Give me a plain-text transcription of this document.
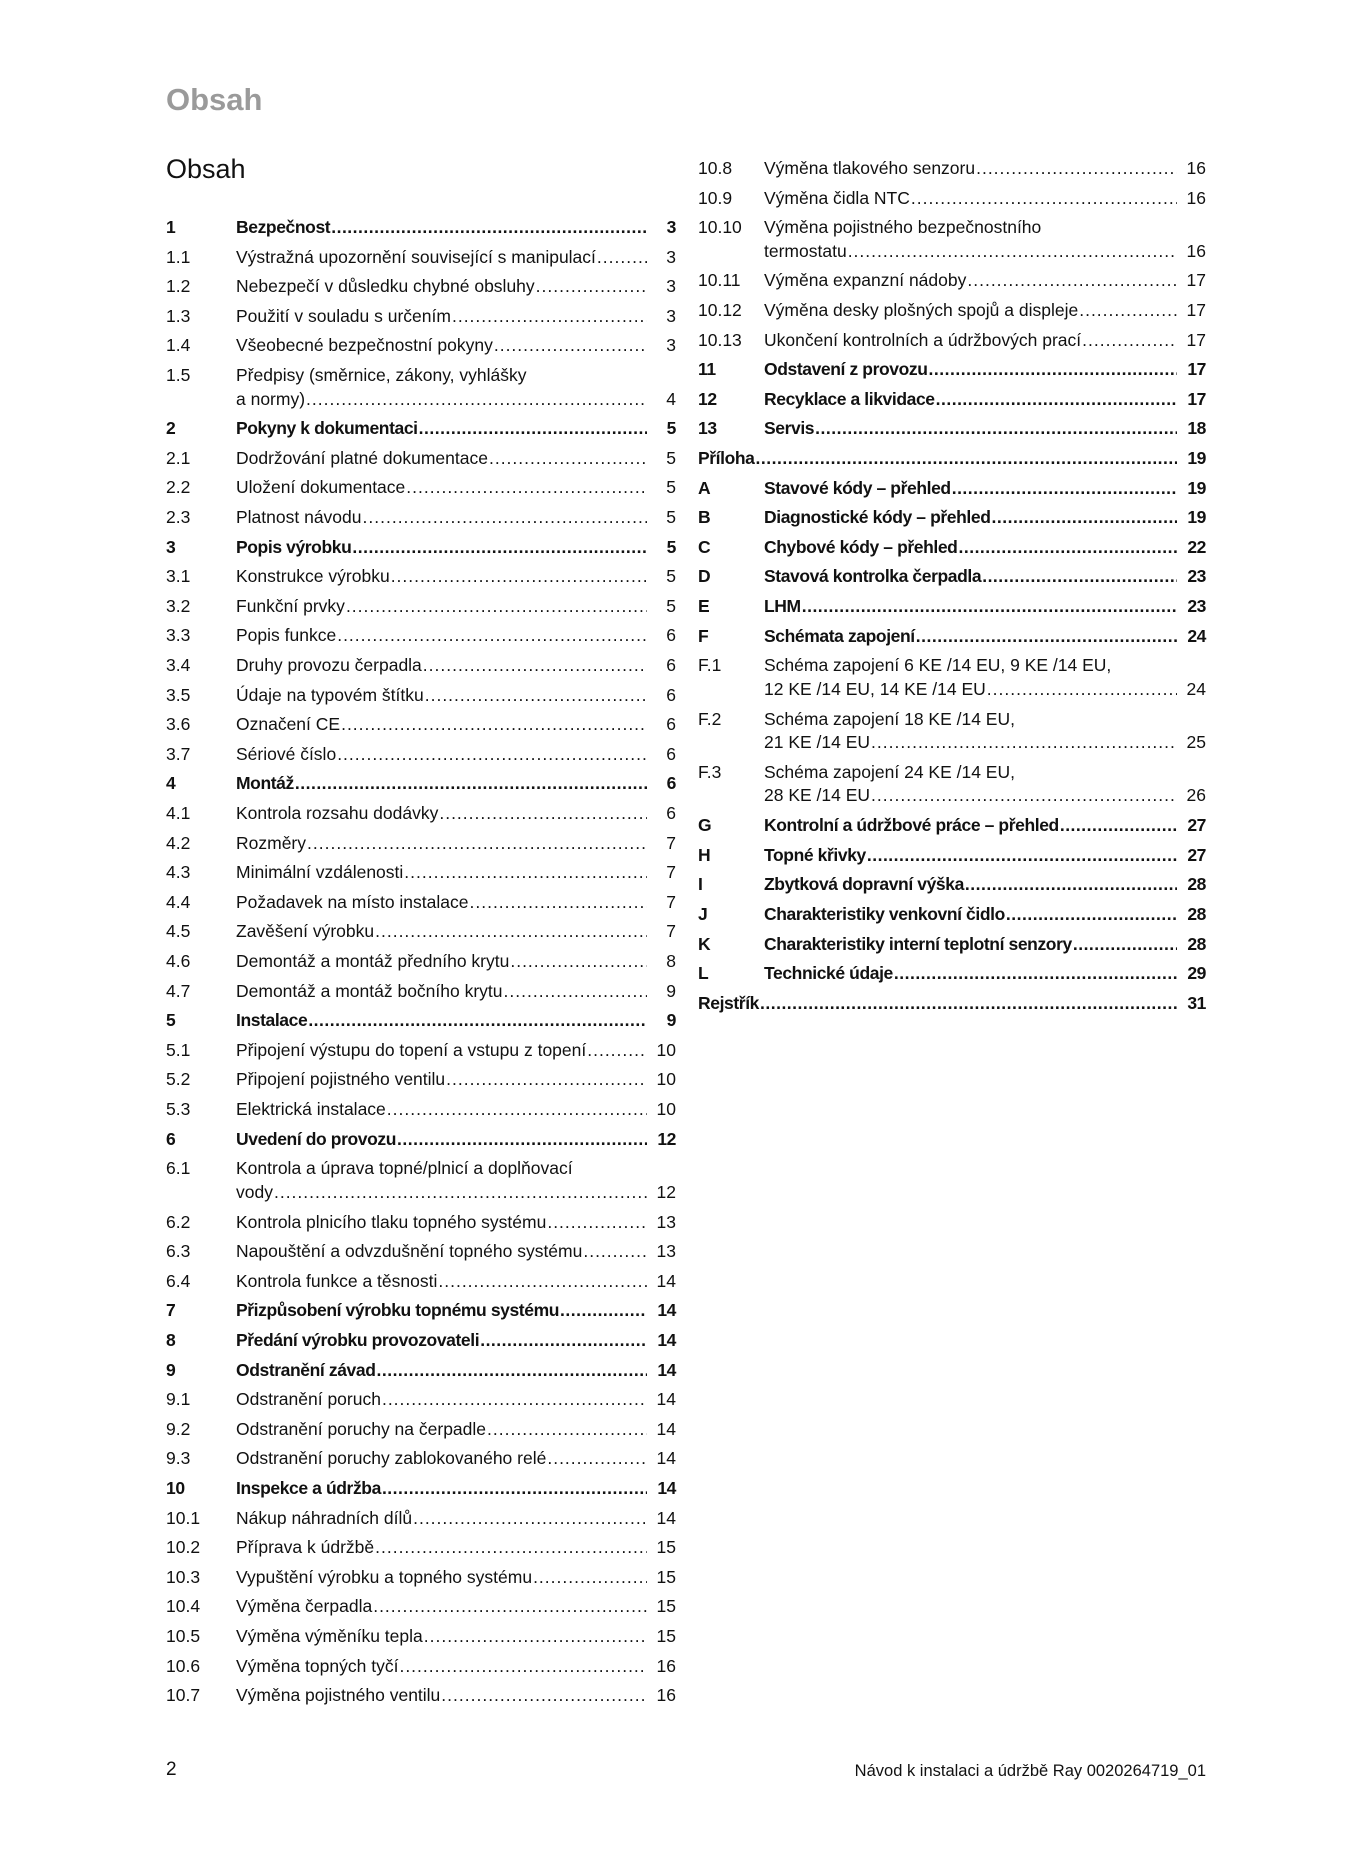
Obsah
Obsah
1	Bezpečnost .....	3
1.1	Výstražná upozornění související s manipulací .....	3
1.2	Nebezpečí v důsledku chybné obsluhy .....	3
1.3	Použití v souladu s určením .....	3
1.4	Všeobecné bezpečnostní pokyny .....	3
1.5	Předpisy (směrnice, zákony, vyhlášky
a normy) .....	4
2	Pokyny k dokumentaci .....	5
2.1	Dodržování platné dokumentace .....	5
2.2	Uložení dokumentace .....	5
2.3	Platnost návodu .....	5
3	Popis výrobku .....	5
3.1	Konstrukce výrobku .....	5
3.2	Funkční prvky .....	5
3.3	Popis funkce .....	6
3.4	Druhy provozu čerpadla .....	6
3.5	Údaje na typovém štítku .....	6
3.6	Označení CE .....	6
3.7	Sériové číslo .....	6
4	Montáž .....	6
4.1	Kontrola rozsahu dodávky .....	6
4.2	Rozměry .....	7
4.3	Minimální vzdálenosti .....	7
4.4	Požadavek na místo instalace .....	7
4.5	Zavěšení výrobku .....	7
4.6	Demontáž a montáž předního krytu .....	8
4.7	Demontáž a montáž bočního krytu .....	9
5	Instalace .....	9
5.1	Připojení výstupu do topení a vstupu z topení .....	10
5.2	Připojení pojistného ventilu .....	10
5.3	Elektrická instalace .....	10
6	Uvedení do provozu .....	12
6.1	Kontrola a úprava topné/plnicí a doplňovací
vody .....	12
6.2	Kontrola plnicího tlaku topného systému .....	13
6.3	Napouštění a odvzdušnění topného systému .....	13
6.4	Kontrola funkce a těsnosti .....	14
7	Přizpůsobení výrobku topnému systému .....	14
8	Předání výrobku provozovateli .....	14
9	Odstranění závad .....	14
9.1	Odstranění poruch .....	14
9.2	Odstranění poruchy na čerpadle .....	14
9.3	Odstranění poruchy zablokovaného relé .....	14
10	Inspekce a údržba .....	14
10.1 Nákup náhradních dílů .....	14
10.2 Příprava k údržbě .....	15
10.3 Vypuštění výrobku a topného systému .....	15
10.4 Výměna čerpadla .....	15
10.5 Výměna výměníku tepla .....	15
10.6 Výměna topných tyčí .....	16
10.7 Výměna pojistného ventilu .....	16
10.8 Výměna tlakového senzoru .....	16
10.9 Výměna čidla NTC .....	16
10.10 Výměna pojistného bezpečnostního
termostatu .....	16
10.11 Výměna expanzní nádoby .....	17
10.12 Výměna desky plošných spojů a displeje .....	17
10.13 Ukončení kontrolních a údržbových prací .....	17
11	Odstavení z provozu .....	17
12	Recyklace a likvidace .....	17
13	Servis .....	18
Příloha .....	19
A	Stavové kódy – přehled .....	19
B	Diagnostické kódy – přehled .....	19
C	Chybové kódy – přehled .....	22
D	Stavová kontrolka čerpadla .....	23
E	LHM .....	23
F	Schémata zapojení .....	24
F.1 Schéma zapojení 6 KE /14 EU, 9 KE /14 EU,
12 KE /14 EU, 14 KE /14 EU .....	24
F.2 Schéma zapojení 18 KE /14 EU,
21 KE /14 EU .....	25
F.3 Schéma zapojení 24 KE /14 EU,
28 KE /14 EU .....	26
G	Kontrolní a údržbové práce – přehled .....	27
H	Topné křivky .....	27
I	Zbytková dopravní výška .....	28
J	Charakteristiky venkovní čidlo .....	28
K	Charakteristiky interní teplotní senzory .....	28
L	Technické údaje .....	29
Rejstřík .....	31
2	Návod k instalaci a údržbě Ray 0020264719_01
